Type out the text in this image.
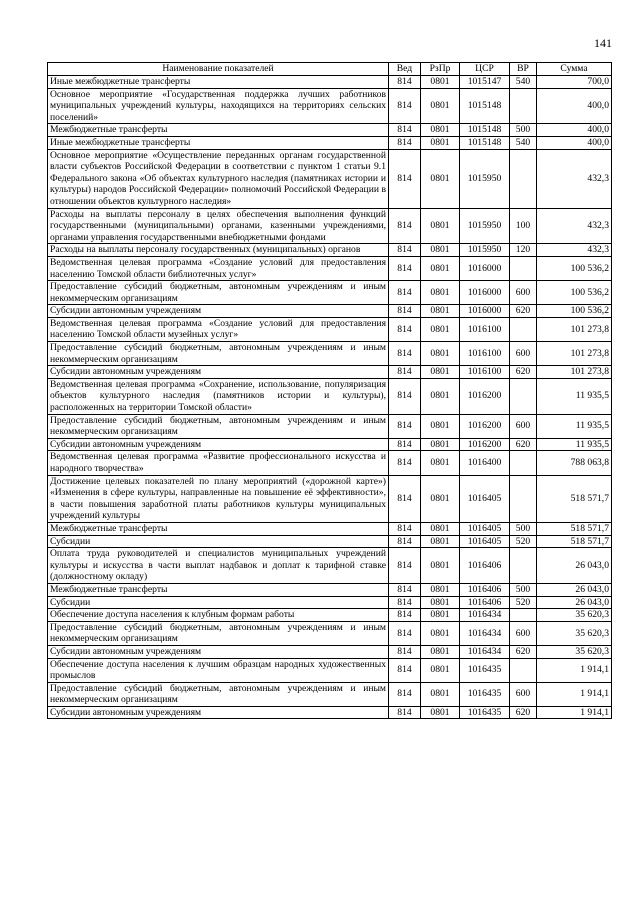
141
Наименование показателей	Вед	РзПр	ЦСР	ВР	Сумма
Иные межбюджетные трансферты	814	0801	1015147	540	700,0
Основное мероприятие «Государственная поддержка лучших работников муниципальных учреждений культуры, находящихся на территориях сельских поселений»	814	0801	1015148		400,0
Межбюджетные трансферты	814	0801	1015148	500	400,0
Иные межбюджетные трансферты	814	0801	1015148	540	400,0
Основное мероприятие «Осуществление переданных органам государственной власти субъектов Российской Федерации в соответствии с пунктом 1 статьи 9.1 Федерального закона «Об объектах культурного наследия (памятниках истории и культуры) народов Российской Федерации» полномочий Российской Федерации в отношении объектов культурного наследия»	814	0801	1015950		432,3
Расходы на выплаты персоналу в целях обеспечения выполнения функций государственными (муниципальными) органами, казенными учреждениями, органами управления государственными внебюджетными фондами	814	0801	1015950	100	432,3
Расходы на выплаты персоналу государственных (муниципальных) органов	814	0801	1015950	120	432,3
Ведомственная целевая программа «Создание условий для предоставления населению Томской области библиотечных услуг»	814	0801	1016000		100 536,2
Предоставление субсидий бюджетным, автономным учреждениям и иным некоммерческим организациям	814	0801	1016000	600	100 536,2
Субсидии автономным учреждениям	814	0801	1016000	620	100 536,2
Ведомственная целевая программа «Создание условий для предоставления населению Томской области музейных услуг»	814	0801	1016100		101 273,8
Предоставление субсидий бюджетным, автономным учреждениям и иным некоммерческим организациям	814	0801	1016100	600	101 273,8
Субсидии автономным учреждениям	814	0801	1016100	620	101 273,8
Ведомственная целевая программа «Сохранение, использование, популяризация объектов культурного наследия (памятников истории и культуры), расположенных на территории Томской области»	814	0801	1016200		11 935,5
Предоставление субсидий бюджетным, автономным учреждениям и иным некоммерческим организациям	814	0801	1016200	600	11 935,5
Субсидии автономным учреждениям	814	0801	1016200	620	11 935,5
Ведомственная целевая программа «Развитие профессионального искусства и народного творчества»	814	0801	1016400		788 063,8
Достижение целевых показателей по плану мероприятий («дорожной карте») «Изменения в сфере культуры, направленные на повышение её эффективности», в части повышения заработной платы работников культуры муниципальных учреждений культуры	814	0801	1016405		518 571,7
Межбюджетные трансферты	814	0801	1016405	500	518 571,7
Субсидии	814	0801	1016405	520	518 571,7
Оплата труда руководителей и специалистов муниципальных учреждений культуры и искусства в части выплат надбавок и доплат к тарифной ставке (должностному окладу)	814	0801	1016406		26 043,0
Межбюджетные трансферты	814	0801	1016406	500	26 043,0
Субсидии	814	0801	1016406	520	26 043,0
Обеспечение доступа населения к клубным формам работы	814	0801	1016434		35 620,3
Предоставление субсидий бюджетным, автономным учреждениям и иным некоммерческим организациям	814	0801	1016434	600	35 620,3
Субсидии автономным учреждениям	814	0801	1016434	620	35 620,3
Обеспечение доступа населения к лучшим образцам народных художественных промыслов	814	0801	1016435		1 914,1
Предоставление субсидий бюджетным, автономным учреждениям и иным некоммерческим организациям	814	0801	1016435	600	1 914,1
Субсидии автономным учреждениям	814	0801	1016435	620	1 914,1
